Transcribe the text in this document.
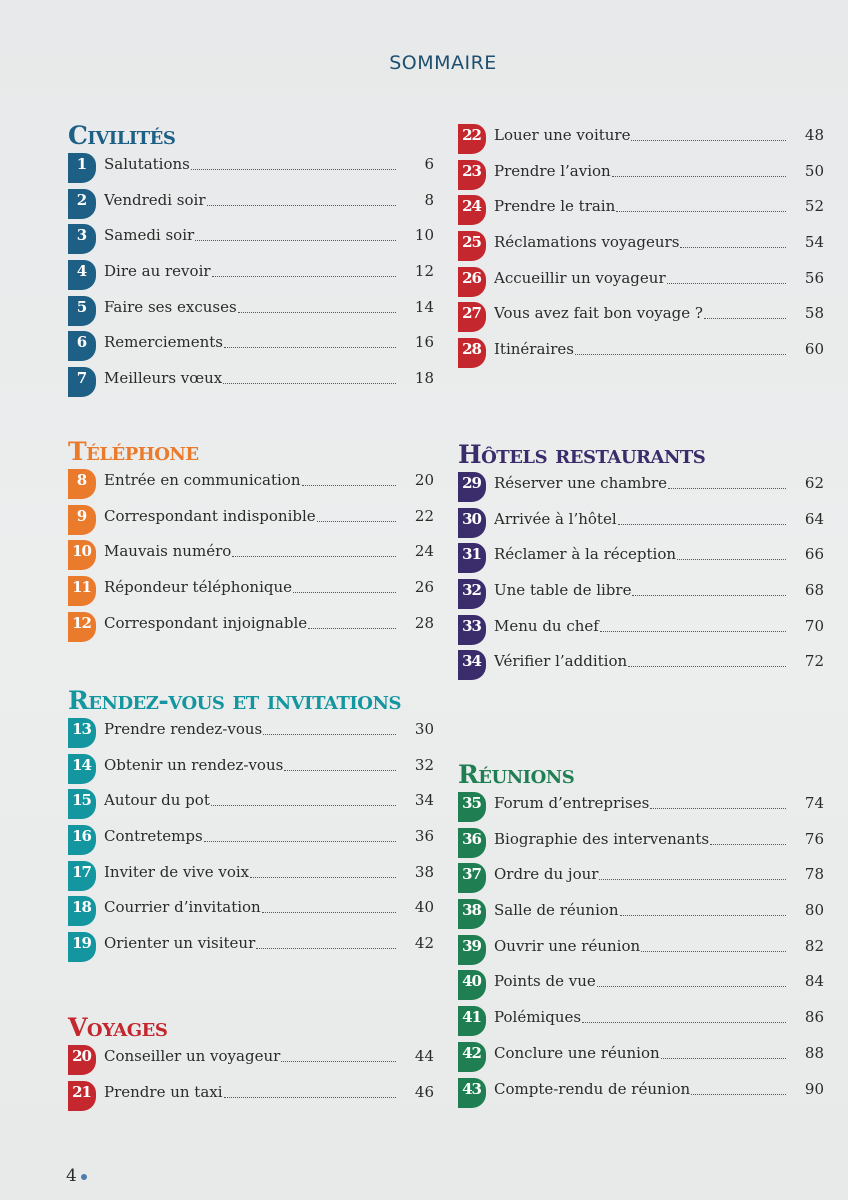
SOMMAIRE
Civilités
1	Salutations	6
2	Vendredi soir	8
3	Samedi soir	10
4	Dire au revoir	12
5	Faire ses excuses	14
6	Remerciements	16
7	Meilleurs vœux	18
Téléphone
8	Entrée en communication	20
9	Correspondant indisponible	22
10 Mauvais numéro	24
11 Répondeur téléphonique	26
12 Correspondant injoignable	28
Rendez-vous et invitations
13 Prendre rendez-vous	30
14 Obtenir un rendez-vous	32
15 Autour du pot	34
16 Contretemps	36
17 Inviter de vive voix	38
18 Courrier d’invitation	40
19 Orienter un visiteur	42
Voyages
20 Conseiller un voyageur	44
21 Prendre un taxi	46
22 Louer une voiture	48
23 Prendre l’avion	50
24 Prendre le train	52
25 Réclamations voyageurs	54
26 Accueillir un voyageur	56
27 Vous avez fait bon voyage ?	58
28 Itinéraires	60
Hôtels restaurants
29 Réserver une chambre	62
30 Arrivée à l’hôtel	64
31 Réclamer à la réception	66
32 Une table de libre	68
33 Menu du chef	70
34 Vérifier l’addition	72
Réunions
35 Forum d’entreprises	74
36 Biographie des intervenants	76
37 Ordre du jour	78
38 Salle de réunion	80
39 Ouvrir une réunion	82
40 Points de vue	84
41 Polémiques	86
42 Conclure une réunion	88
43 Compte-rendu de réunion	90
4
